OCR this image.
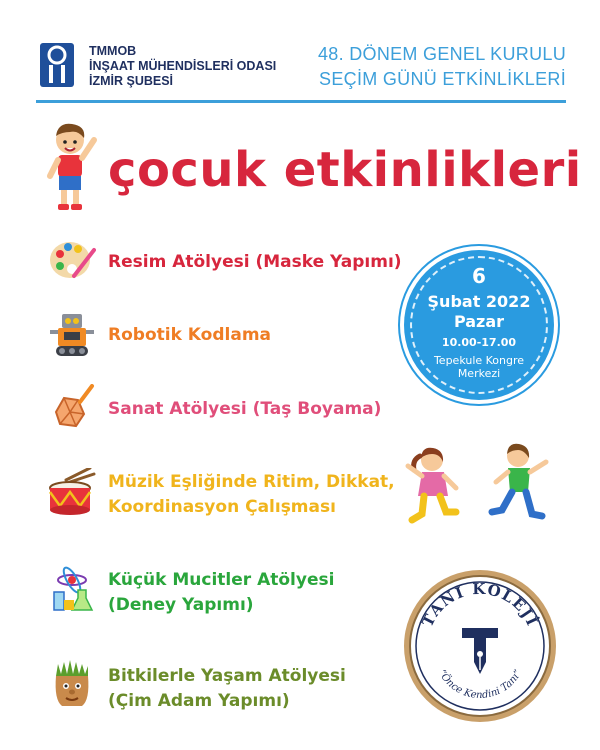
TMMOB
İNŞAAT MÜHENDİSLERİ ODASI
İZMİR ŞUBESİ
48. DÖNEM GENEL KURULU
SEÇİM GÜNÜ ETKİNLİKLERİ
çocuk etkinlikleri
Resim Atölyesi (Maske Yapımı)
Robotik Kodlama
Sanat Atölyesi (Taş Boyama)
Müzik Eşliğinde Ritim, Dikkat,
Koordinasyon Çalışması
Küçük Mucitler Atölyesi
(Deney Yapımı)
Bitkilerle Yaşam Atölyesi
(Çim Adam Yapımı)
6
Şubat 2022
Pazar
10.00-17.00
Tepekule Kongre Merkezi
TANI KOLEJİ
“Önce Kendini Tanı”
